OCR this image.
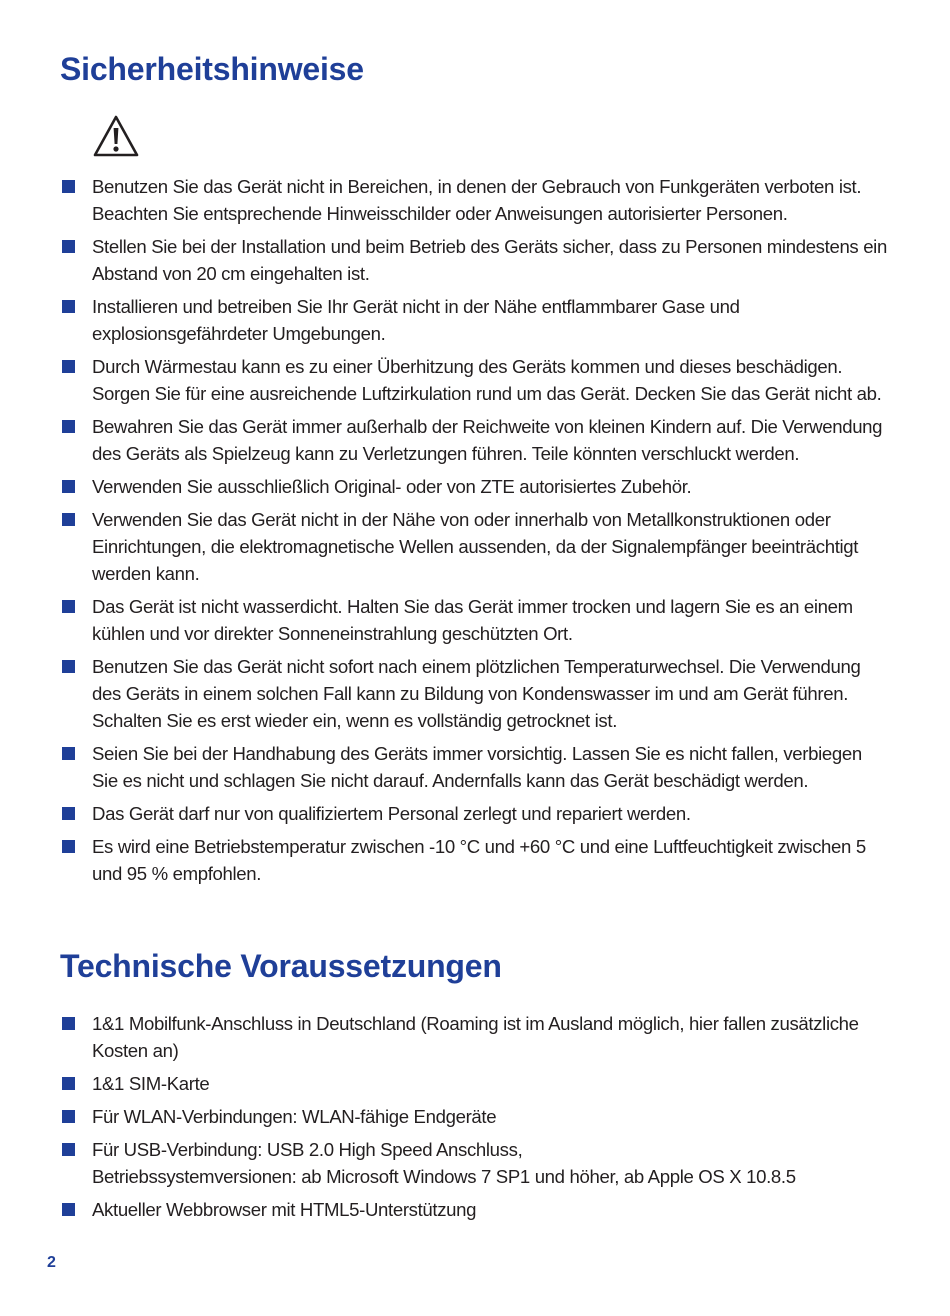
Sicherheitshinweise
Benutzen Sie das Gerät nicht in Bereichen, in denen der Gebrauch von Funkgeräten verboten ist. Beachten Sie entsprechende Hinweisschilder oder Anweisungen autorisierter Personen.
Stellen Sie bei der Installation und beim Betrieb des Geräts sicher, dass zu Personen mindestens ein Abstand von 20 cm eingehalten ist.
Installieren und betreiben Sie Ihr Gerät nicht in der Nähe entflammbarer Gase und explosionsgefährdeter Umgebungen.
Durch Wärmestau kann es zu einer Überhitzung des Geräts kommen und dieses beschädigen. Sorgen Sie für eine ausreichende Luftzirkulation rund um das Gerät. Decken Sie das Gerät nicht ab.
Bewahren Sie das Gerät immer außerhalb der Reichweite von kleinen Kindern auf. Die Verwendung des Geräts als Spielzeug kann zu Verletzungen führen. Teile könnten verschluckt werden.
Verwenden Sie ausschließlich Original- oder von ZTE autorisiertes Zubehör.
Verwenden Sie das Gerät nicht in der Nähe von oder innerhalb von Metallkonstruktionen oder Einrichtungen, die elektromagnetische Wellen aussenden, da der Signalempfänger beeinträchtigt werden kann.
Das Gerät ist nicht wasserdicht. Halten Sie das Gerät immer trocken und lagern Sie es an einem kühlen und vor direkter Sonneneinstrahlung geschützten Ort.
Benutzen Sie das Gerät nicht sofort nach einem plötzlichen Temperaturwechsel. Die Verwendung des Geräts in einem solchen Fall kann zu Bildung von Kondenswasser im und am Gerät führen. Schalten Sie es erst wieder ein, wenn es vollständig getrocknet ist.
Seien Sie bei der Handhabung des Geräts immer vorsichtig. Lassen Sie es nicht fallen, verbiegen Sie es nicht und schlagen Sie nicht darauf. Andernfalls kann das Gerät beschädigt werden.
Das Gerät darf nur von qualifiziertem Personal zerlegt und repariert werden.
Es wird eine Betriebstemperatur zwischen -10 °C und +60 °C und eine Luftfeuchtigkeit zwischen 5 und 95 % empfohlen.
Technische Voraussetzungen
1&1 Mobilfunk-Anschluss in Deutschland (Roaming ist im Ausland möglich, hier fallen zusätzliche Kosten an)
1&1 SIM-Karte
Für WLAN-Verbindungen: WLAN-fähige Endgeräte
Für USB-Verbindung: USB 2.0 High Speed Anschluss,
Betriebssystemversionen: ab Microsoft Windows 7 SP1 und höher, ab Apple OS X 10.8.5
Aktueller Webbrowser mit HTML5-Unterstützung
2
